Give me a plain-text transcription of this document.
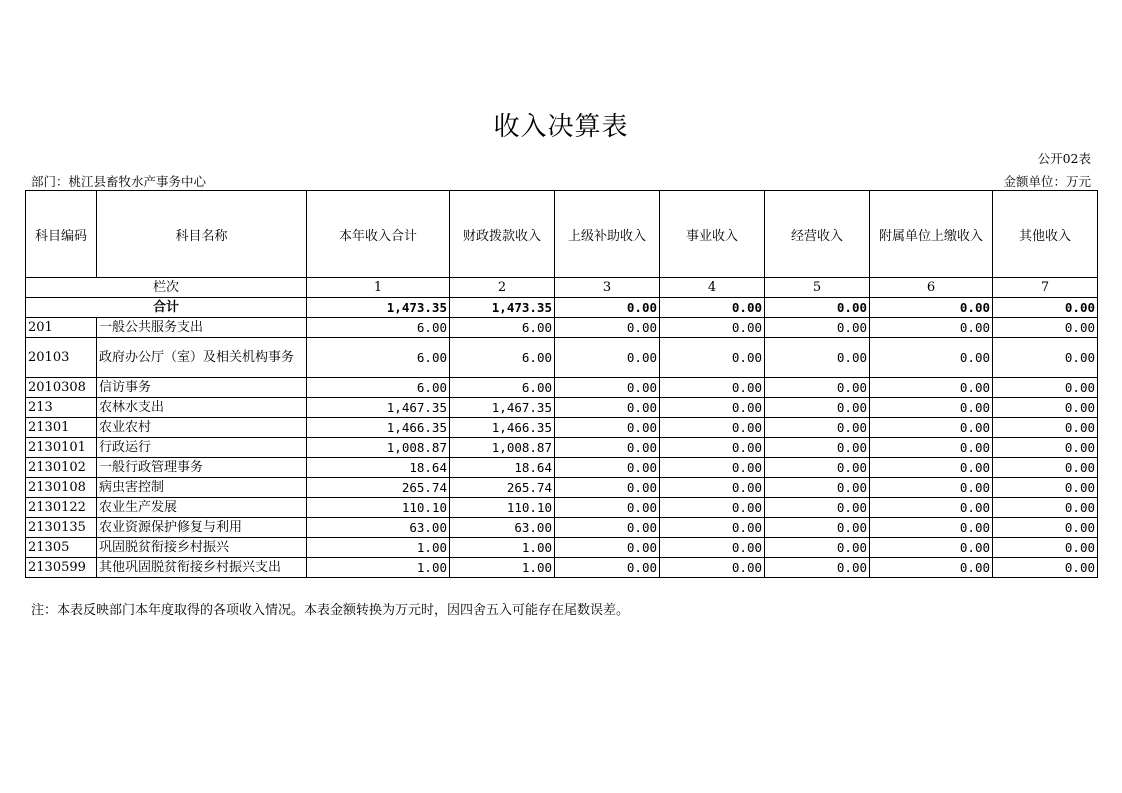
收入决算表
公开02表
部门：桃江县畜牧水产事务中心	金额单位：万元
科目编码	科目名称	本年收入合计	财政拨款收入	上级补助收入	事业收入	经营收入	附属单位上缴收入	其他收入
栏次		1	2	3	4	5	6	7
合计		1,473.35	1,473.35	0.00	0.00	0.00	0.00	0.00
201	一般公共服务支出	6.00	6.00	0.00	0.00	0.00	0.00	0.00
20103	政府办公厅（室）及相关机构事务	6.00	6.00	0.00	0.00	0.00	0.00	0.00
2010308	信访事务	6.00	6.00	0.00	0.00	0.00	0.00	0.00
213	农林水支出	1,467.35	1,467.35	0.00	0.00	0.00	0.00	0.00
21301	农业农村	1,466.35	1,466.35	0.00	0.00	0.00	0.00	0.00
2130101	行政运行	1,008.87	1,008.87	0.00	0.00	0.00	0.00	0.00
2130102	一般行政管理事务	18.64	18.64	0.00	0.00	0.00	0.00	0.00
2130108	病虫害控制	265.74	265.74	0.00	0.00	0.00	0.00	0.00
2130122	农业生产发展	110.10	110.10	0.00	0.00	0.00	0.00	0.00
2130135	农业资源保护修复与利用	63.00	63.00	0.00	0.00	0.00	0.00	0.00
21305	巩固脱贫衔接乡村振兴	1.00	1.00	0.00	0.00	0.00	0.00	0.00
2130599	其他巩固脱贫衔接乡村振兴支出	1.00	1.00	0.00	0.00	0.00	0.00	0.00
注：本表反映部门本年度取得的各项收入情况。本表金额转换为万元时，因四舍五入可能存在尾数误差。
